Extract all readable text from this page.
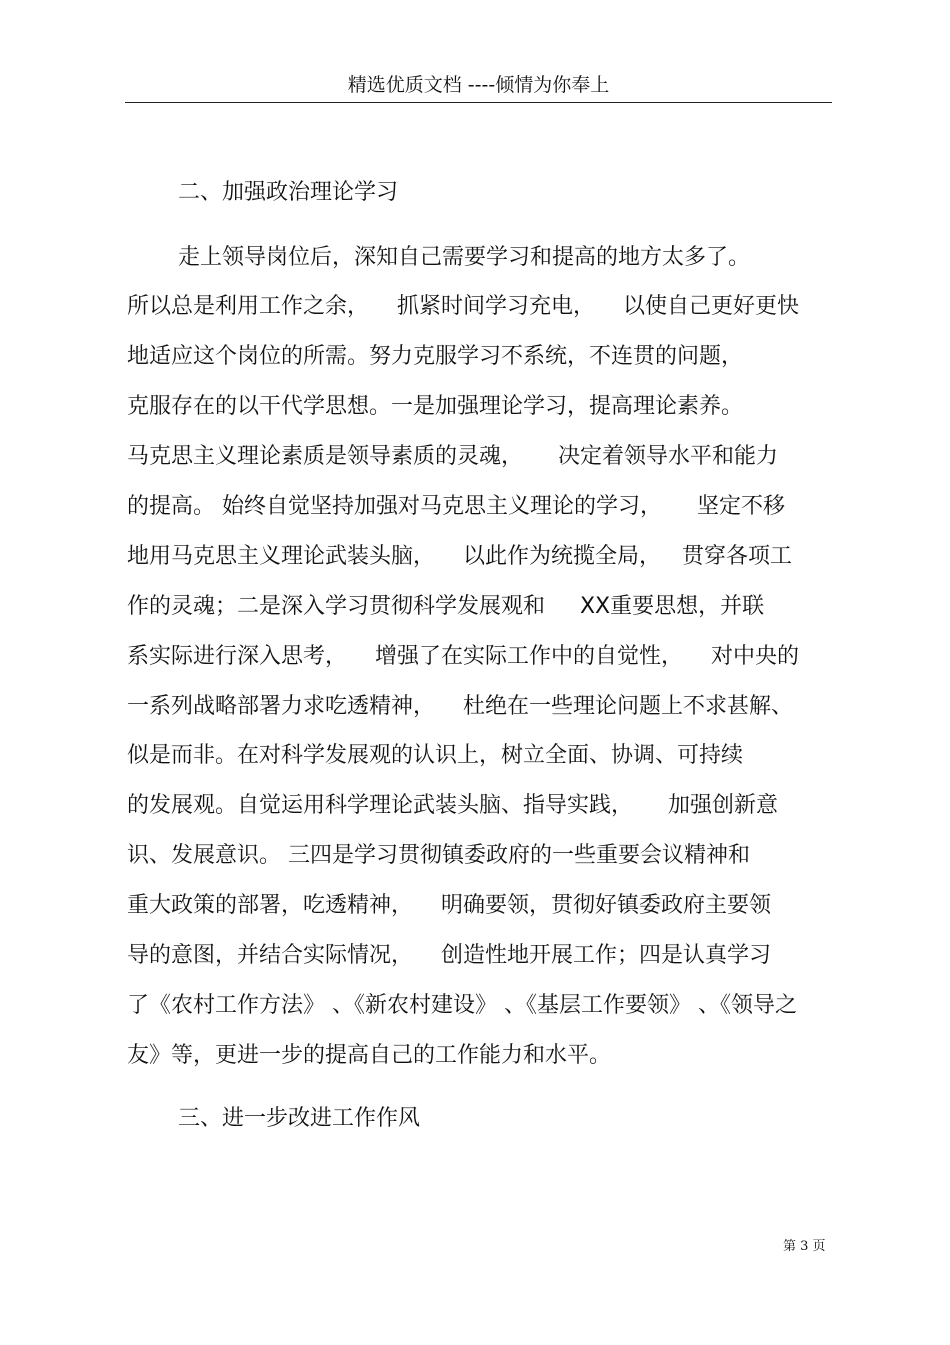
精选优质文档 ----倾情为你奉上
二、加强政治理论学习
走上领导岗位后，深知自己需要学习和提高的地方太多了。
所以总是利用工作之余，    抓紧时间学习充电，    以使自己更好更快
地适应这个岗位的所需。努力克服学习不系统，不连贯的问题，
克服存在的以干代学思想。一是加强理论学习，提高理论素养。
马克思主义理论素质是领导素质的灵魂，     决定着领导水平和能力
的提高。 始终自觉坚持加强对马克思主义理论的学习，     坚定不移
地用马克思主义理论武装头脑，    以此作为统揽全局，   贯穿各项工
作的灵魂；二是深入学习贯彻科学发展观和     XX重要思想，并联
系实际进行深入思考，    增强了在实际工作中的自觉性，    对中央的
一系列战略部署力求吃透精神，    杜绝在一些理论问题上不求甚解、
似是而非。在对科学发展观的认识上，树立全面、协调、可持续
的发展观。自觉运用科学理论武装头脑、指导实践，     加强创新意
识、发展意识。 三四是学习贯彻镇委政府的一些重要会议精神和
重大政策的部署，吃透精神，    明确要领，贯彻好镇委政府主要领
导的意图，并结合实际情况，    创造性地开展工作；四是认真学习
了《农村工作方法》 、《新农村建设》 、《基层工作要领》 、《领导之
友》等，更进一步的提高自己的工作能力和水平。
三、进一步改进工作作风
第 3 页
